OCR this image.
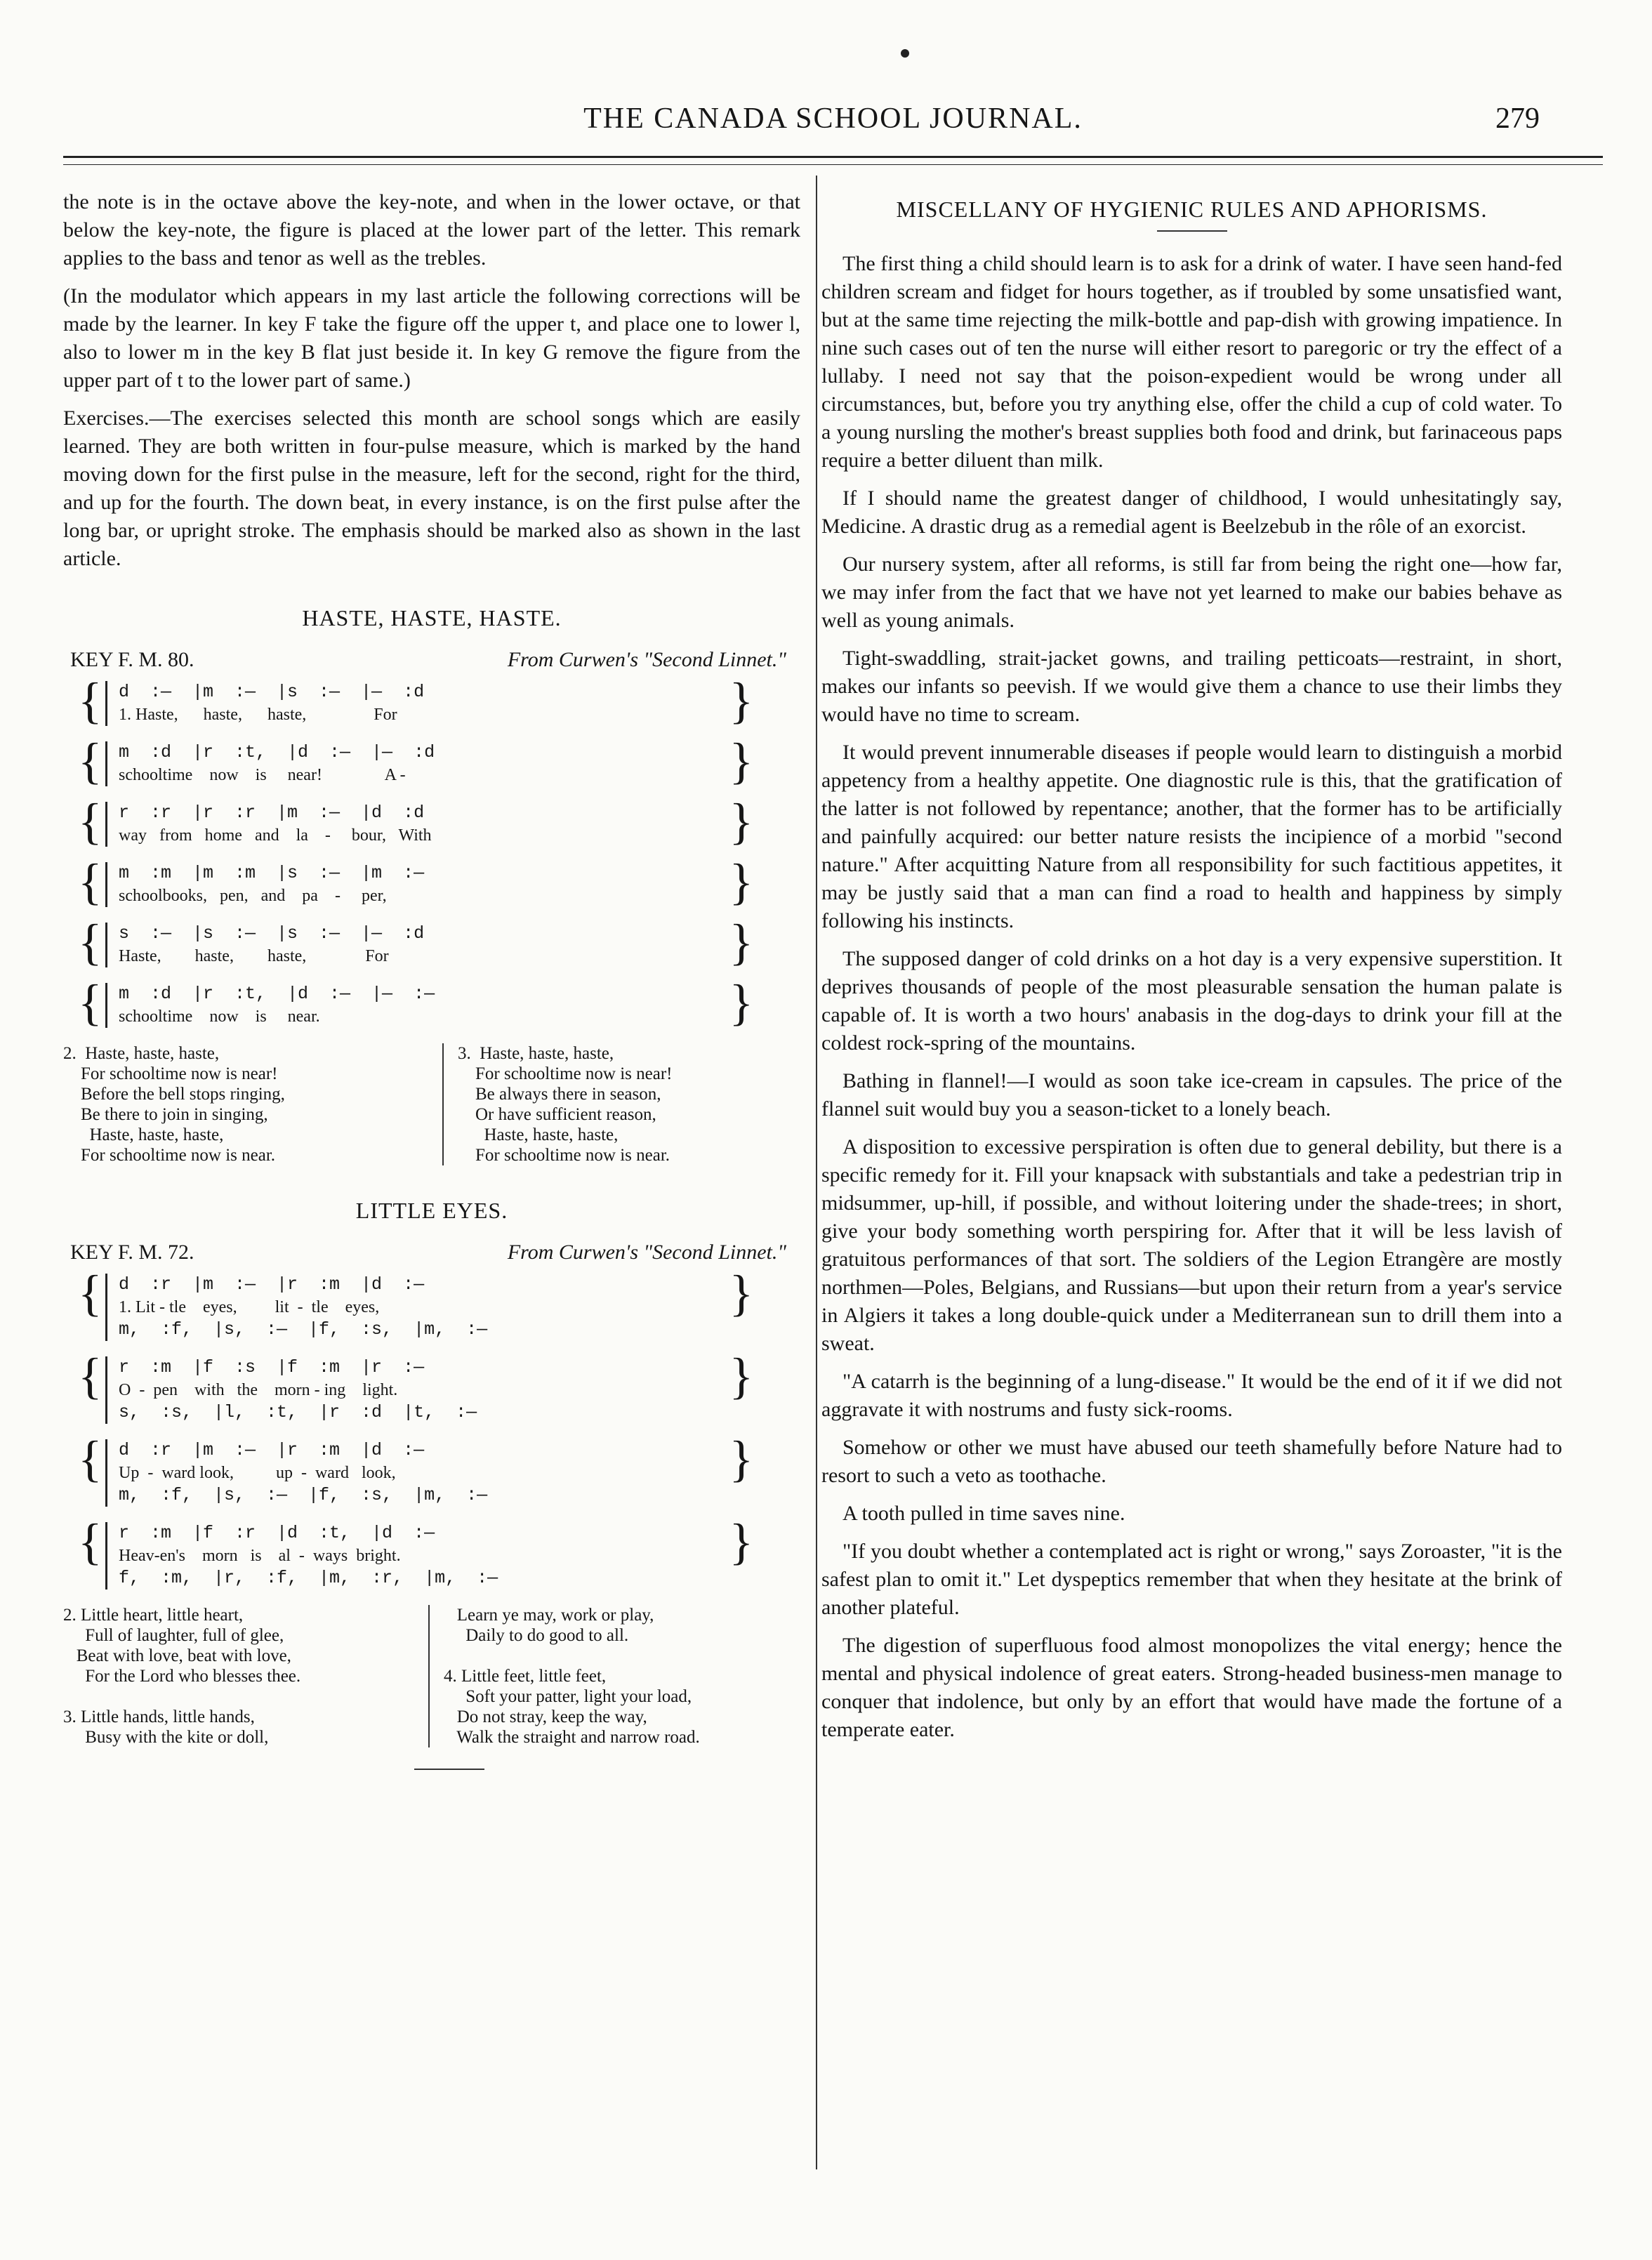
THE CANADA SCHOOL JOURNAL.	279

the note is in the octave above the key-note, and when in the lower octave, or that below the key-note, the figure is placed at the lower part of the letter. This remark applies to the bass and tenor as well as the trebles.

(In the modulator which appears in my last article the following corrections will be made by the learner. In key F take the figure off the upper t, and place one to lower l, also to lower m in the key B flat just beside it. In key G remove the figure from the upper part of t to the lower part of same.)

Exercises.—The exercises selected this month are school songs which are easily learned. They are both written in four-pulse measure, which is marked by the hand moving down for the first pulse in the measure, left for the second, right for the third, and up for the fourth. The down beat, in every instance, is on the first pulse after the long bar, or upright stroke. The emphasis should be marked also as shown in the last article.

HASTE, HASTE, HASTE.
KEY F. M. 80.	From Curwen's "Second Linnet."
{ d  :—  |m  :—  |s  :—  |—  :d
1. Haste,      haste,      haste,                For
}
{ m  :d  |r  :t,  |d  :—  |—  :d
schooltime    now    is     near!               A -
}
{ r  :r  |r  :r  |m  :—  |d  :d
way   from   home   and    la    -     bour,   With
}
{ m  :m  |m  :m  |s  :—  |m  :—
schoolbooks,   pen,   and    pa    -     per,
}
{ s  :—  |s  :—  |s  :—  |—  :d
Haste,        haste,        haste,              For
}
{ m  :d  |r  :t,  |d  :—  |—  :—
schooltime    now    is     near.
}
2.  Haste, haste, haste,
For schooltime now is near!
Before the bell stops ringing,
Be there to join in singing,
Haste, haste, haste,
For schooltime now is near.
3.  Haste, haste, haste,
For schooltime now is near!
Be always there in season,
Or have sufficient reason,
Haste, haste, haste,
For schooltime now is near.
LITTLE EYES.
KEY F. M. 72.	From Curwen's "Second Linnet."
{ d  :r  |m  :—  |r  :m  |d  :—
1. Lit - tle    eyes,         lit  -  tle    eyes,
m,  :f,  |s,  :—  |f,  :s,  |m,  :—
}
{ r  :m  |f  :s  |f  :m  |r  :—
O  -  pen    with   the    morn - ing    light.
s,  :s,  |l,  :t,  |r  :d  |t,  :—
}
{ d  :r  |m  :—  |r  :m  |d  :—
Up  -  ward look,          up  -  ward   look,
m,  :f,  |s,  :—  |f,  :s,  |m,  :—
}
{ r  :m  |f  :r  |d  :t,  |d  :—
Heav-en's    morn   is    al  -  ways  bright.
f,  :m,  |r,  :f,  |m,  :r,  |m,  :—
}
2. Little heart, little heart,
Full of laughter, full of glee,
Beat with love, beat with love,
For the Lord who blesses thee.

3. Little hands, little hands,
Busy with the kite or doll,
Learn ye may, work or play,
Daily to do good to all.

4. Little feet, little feet,
Soft your patter, light your load,
Do not stray, keep the way,
Walk the straight and narrow road.
MISCELLANY OF HYGIENIC RULES AND APHORISMS.

The first thing a child should learn is to ask for a drink of water. I have seen hand-fed children scream and fidget for hours together, as if troubled by some unsatisfied want, but at the same time rejecting the milk-bottle and pap-dish with growing impatience. In nine such cases out of ten the nurse will either resort to paregoric or try the effect of a lullaby. I need not say that the poison-expedient would be wrong under all circumstances, but, before you try anything else, offer the child a cup of cold water. To a young nursling the mother's breast supplies both food and drink, but farinaceous paps require a better diluent than milk.

If I should name the greatest danger of childhood, I would unhesitatingly say, Medicine. A drastic drug as a remedial agent is Beelzebub in the rôle of an exorcist.

Our nursery system, after all reforms, is still far from being the right one—how far, we may infer from the fact that we have not yet learned to make our babies behave as well as young animals.

Tight-swaddling, strait-jacket gowns, and trailing petticoats—restraint, in short, makes our infants so peevish. If we would give them a chance to use their limbs they would have no time to scream.

It would prevent innumerable diseases if people would learn to distinguish a morbid appetency from a healthy appetite. One diagnostic rule is this, that the gratification of the latter is not followed by repentance; another, that the former has to be artificially and painfully acquired: our better nature resists the incipience of a morbid "second nature." After acquitting Nature from all responsibility for such factitious appetites, it may be justly said that a man can find a road to health and happiness by simply following his instincts.

The supposed danger of cold drinks on a hot day is a very expensive superstition. It deprives thousands of people of the most pleasurable sensation the human palate is capable of. It is worth a two hours' anabasis in the dog-days to drink your fill at the coldest rock-spring of the mountains.

Bathing in flannel!—I would as soon take ice-cream in capsules. The price of the flannel suit would buy you a season-ticket to a lonely beach.

A disposition to excessive perspiration is often due to general debility, but there is a specific remedy for it. Fill your knapsack with substantials and take a pedestrian trip in midsummer, up-hill, if possible, and without loitering under the shade-trees; in short, give your body something worth perspiring for. After that it will be less lavish of gratuitous performances of that sort. The soldiers of the Legion Etrangère are mostly northmen—Poles, Belgians, and Russians—but upon their return from a year's service in Algiers it takes a long double-quick under a Mediterranean sun to drill them into a sweat.

"A catarrh is the beginning of a lung-disease." It would be the end of it if we did not aggravate it with nostrums and fusty sick-rooms.

Somehow or other we must have abused our teeth shamefully before Nature had to resort to such a veto as toothache.

A tooth pulled in time saves nine.

"If you doubt whether a contemplated act is right or wrong," says Zoroaster, "it is the safest plan to omit it." Let dyspeptics remember that when they hesitate at the brink of another plateful.

The digestion of superfluous food almost monopolizes the vital energy; hence the mental and physical indolence of great eaters. Strong-headed business-men manage to conquer that indolence, but only by an effort that would have made the fortune of a temperate eater.
